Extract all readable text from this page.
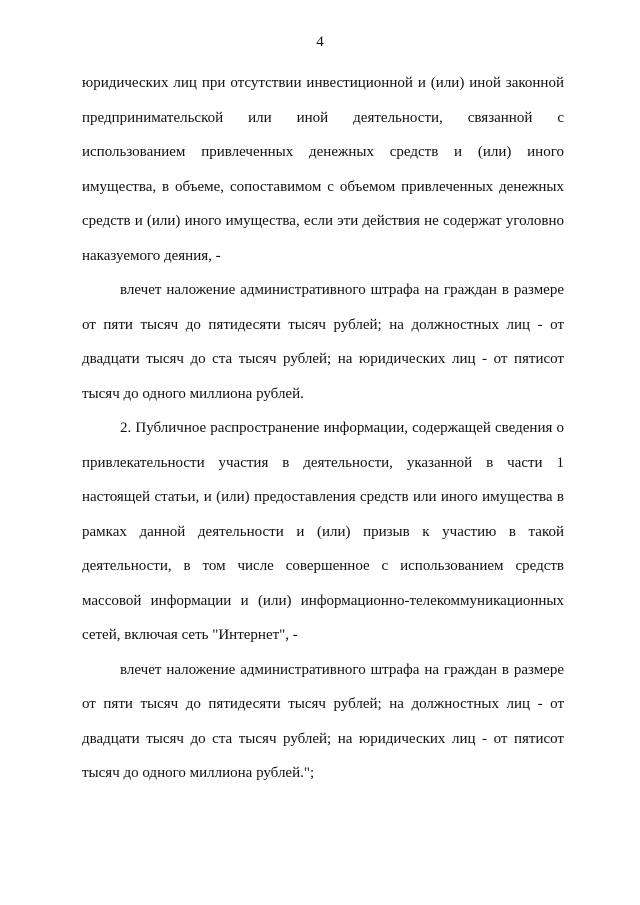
4

юридических лиц при отсутствии инвестиционной и (или) иной законной предпринимательской или иной деятельности, связанной с использованием привлеченных денежных средств и (или) иного имущества, в объеме, сопоставимом с объемом привлеченных денежных средств и (или) иного имущества, если эти действия не содержат уголовно наказуемого деяния, -

влечет наложение административного штрафа на граждан в размере от пяти тысяч до пятидесяти тысяч рублей; на должностных лиц - от двадцати тысяч до ста тысяч рублей; на юридических лиц - от пятисот тысяч до одного миллиона рублей.

2. Публичное распространение информации, содержащей сведения о привлекательности участия в деятельности, указанной в части 1 настоящей статьи, и (или) предоставления средств или иного имущества в рамках данной деятельности и (или) призыв к участию в такой деятельности, в том числе совершенное с использованием средств массовой информации и (или) информационно-телекоммуникационных сетей, включая сеть "Интернет", -

влечет наложение административного штрафа на граждан в размере от пяти тысяч до пятидесяти тысяч рублей; на должностных лиц - от двадцати тысяч до ста тысяч рублей; на юридических лиц - от пятисот тысяч до одного миллиона рублей.";
